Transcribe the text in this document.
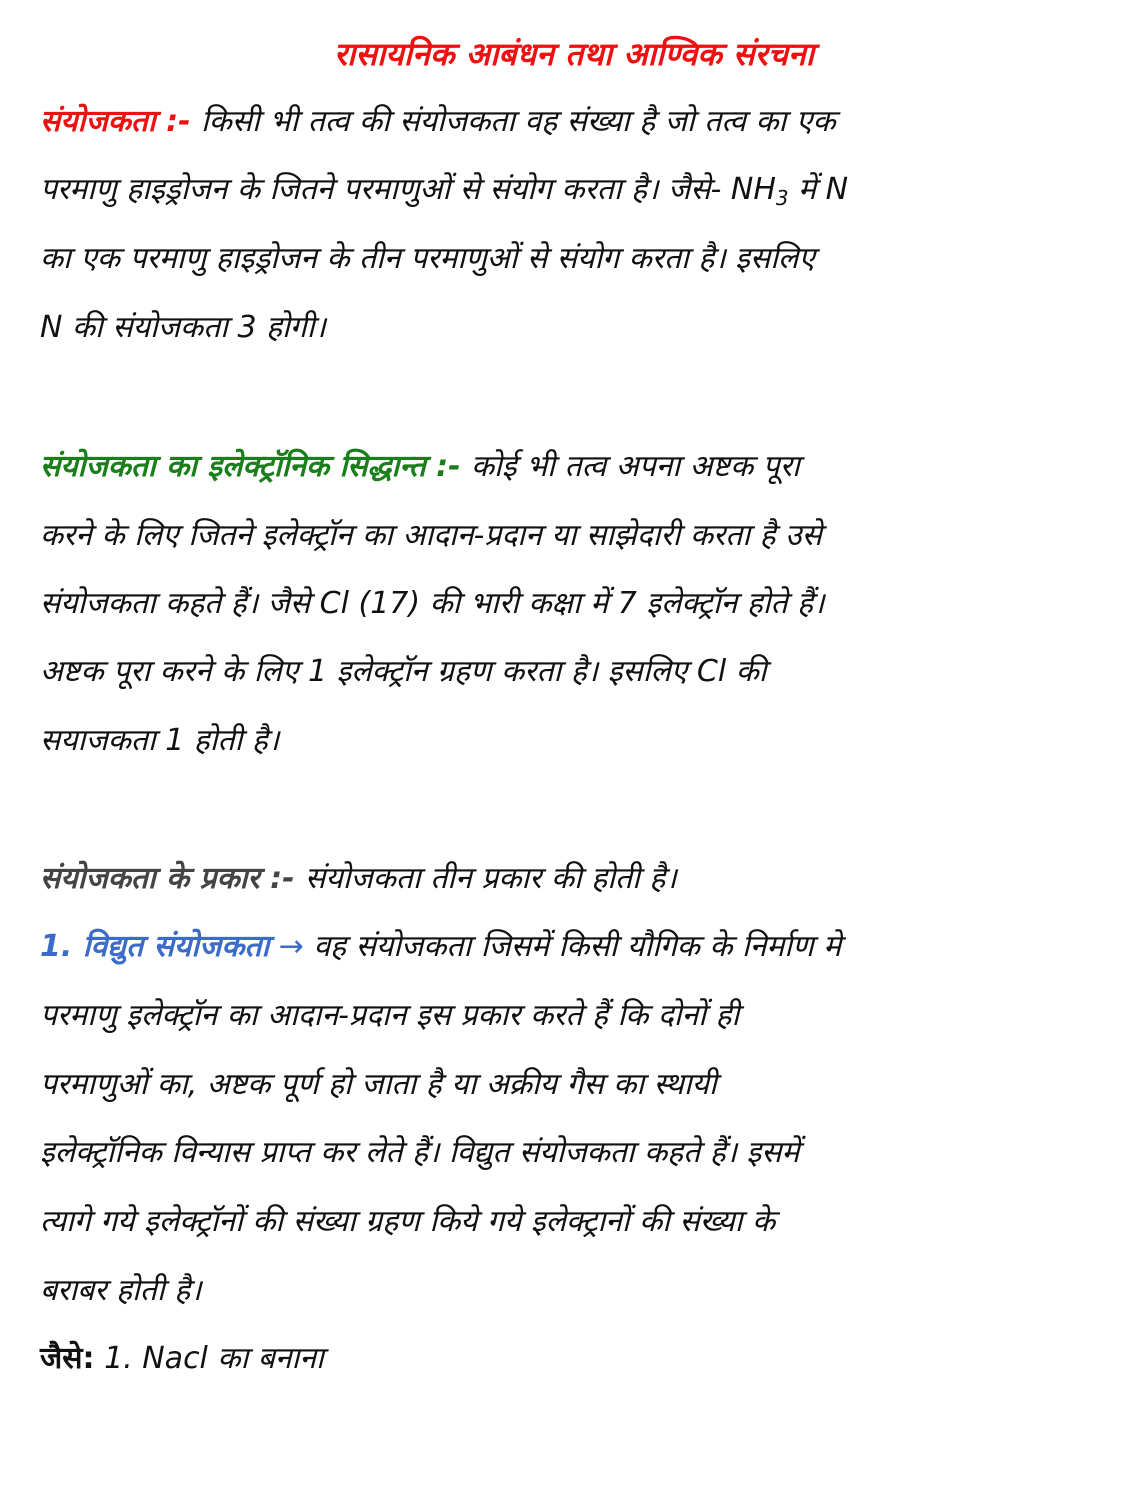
रासायनिक आबंधन तथा आण्विक संरचना
संयोजकता :- किसी भी तत्व की संयोजकता वह संख्या है जो तत्व का एक
परमाणु हाइड्रोजन के जितने परमाणुओं से संयोग करता है। जैसे- $NH_3$ में N
का एक परमाणु हाइड्रोजन के तीन परमाणुओं से संयोग करता है। इसलिए
N की संयोजकता 3 होगी।
संयोजकता का इलेक्ट्रॉनिक सिद्धान्त :- कोई भी तत्व अपना अष्टक पूरा
करने के लिए जितने इलेक्ट्रॉन का आदान-प्रदान या साझेदारी करता है उसे
संयोजकता कहते हैं। जैसे Cl (17) की भारी कक्षा में 7 इलेक्ट्रॉन होते हैं।
अष्टक पूरा करने के लिए 1 इलेक्ट्रॉन ग्रहण करता है। इसलिए Cl की
सयाजकता 1 होती है।
संयोजकता के प्रकार :- संयोजकता तीन प्रकार की होती है।
1. विद्युत संयोजकता → वह संयोजकता जिसमें किसी यौगिक के निर्माण मे
परमाणु इलेक्ट्रॉन का आदान-प्रदान इस प्रकार करते हैं कि दोनों ही
परमाणुओं का, अष्टक पूर्ण हो जाता है या अक्रीय गैस का स्थायी
इलेक्ट्रॉनिक विन्यास प्राप्त कर लेते हैं। विद्युत संयोजकता कहते हैं। इसमें
त्यागे गये इलेक्ट्रॉनों की संख्या ग्रहण किये गये इलेक्ट्रानों की संख्या के
बराबर होती है।
जैसे: 1. Nacl का बनाना
